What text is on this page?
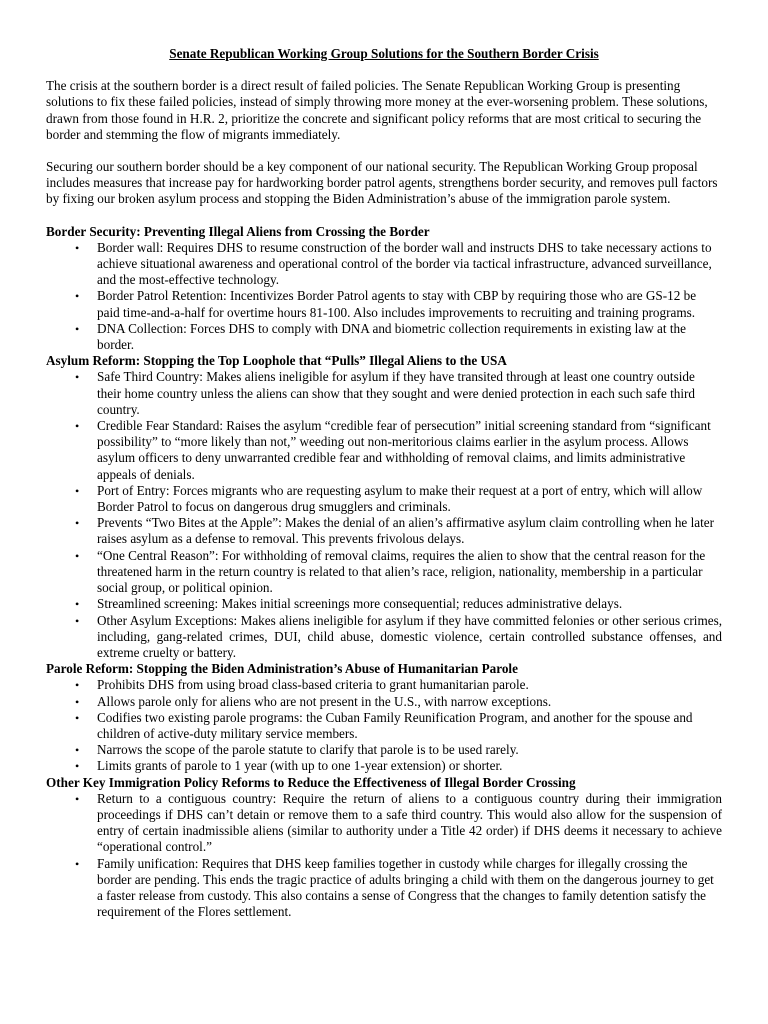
Senate Republican Working Group Solutions for the Southern Border Crisis

The crisis at the southern border is a direct result of failed policies. The Senate Republican Working Group is presenting solutions to fix these failed policies, instead of simply throwing more money at the ever-worsening problem. These solutions, drawn from those found in H.R. 2, prioritize the concrete and significant policy reforms that are most critical to securing the border and stemming the flow of migrants immediately.

Securing our southern border should be a key component of our national security. The Republican Working Group proposal includes measures that increase pay for hardworking border patrol agents, strengthens border security, and removes pull factors by fixing our broken asylum process and stopping the Biden Administration’s abuse of the immigration parole system.

Border Security: Preventing Illegal Aliens from Crossing the Border
• Border wall: Requires DHS to resume construction of the border wall and instructs DHS to take necessary actions to achieve situational awareness and operational control of the border via tactical infrastructure, advanced surveillance, and the most-effective technology.
• Border Patrol Retention: Incentivizes Border Patrol agents to stay with CBP by requiring those who are GS-12 be paid time-and-a-half for overtime hours 81-100. Also includes improvements to recruiting and training programs.
• DNA Collection: Forces DHS to comply with DNA and biometric collection requirements in existing law at the border.
Asylum Reform: Stopping the Top Loophole that “Pulls” Illegal Aliens to the USA
• Safe Third Country: Makes aliens ineligible for asylum if they have transited through at least one country outside their home country unless the aliens can show that they sought and were denied protection in each such safe third country.
• Credible Fear Standard: Raises the asylum “credible fear of persecution” initial screening standard from “significant possibility” to “more likely than not,” weeding out non-meritorious claims earlier in the asylum process. Allows asylum officers to deny unwarranted credible fear and withholding of removal claims, and limits administrative appeals of denials.
• Port of Entry: Forces migrants who are requesting asylum to make their request at a port of entry, which will allow Border Patrol to focus on dangerous drug smugglers and criminals.
• Prevents “Two Bites at the Apple”: Makes the denial of an alien’s affirmative asylum claim controlling when he later raises asylum as a defense to removal. This prevents frivolous delays.
• “One Central Reason”: For withholding of removal claims, requires the alien to show that the central reason for the threatened harm in the return country is related to that alien’s race, religion, nationality, membership in a particular social group, or political opinion.
• Streamlined screening: Makes initial screenings more consequential; reduces administrative delays.
• Other Asylum Exceptions: Makes aliens ineligible for asylum if they have committed felonies or other serious crimes, including, gang-related crimes, DUI, child abuse, domestic violence, certain controlled substance offenses, and extreme cruelty or battery.
Parole Reform: Stopping the Biden Administration’s Abuse of Humanitarian Parole
• Prohibits DHS from using broad class-based criteria to grant humanitarian parole.
• Allows parole only for aliens who are not present in the U.S., with narrow exceptions.
• Codifies two existing parole programs: the Cuban Family Reunification Program, and another for the spouse and children of active-duty military service members.
• Narrows the scope of the parole statute to clarify that parole is to be used rarely.
• Limits grants of parole to 1 year (with up to one 1-year extension) or shorter.
Other Key Immigration Policy Reforms to Reduce the Effectiveness of Illegal Border Crossing
• Return to a contiguous country: Require the return of aliens to a contiguous country during their immigration proceedings if DHS can’t detain or remove them to a safe third country. This would also allow for the suspension of entry of certain inadmissible aliens (similar to authority under a Title 42 order) if DHS deems it necessary to achieve “operational control.”
• Family unification: Requires that DHS keep families together in custody while charges for illegally crossing the border are pending. This ends the tragic practice of adults bringing a child with them on the dangerous journey to get a faster release from custody. This also contains a sense of Congress that the changes to family detention satisfy the requirement of the Flores settlement.
